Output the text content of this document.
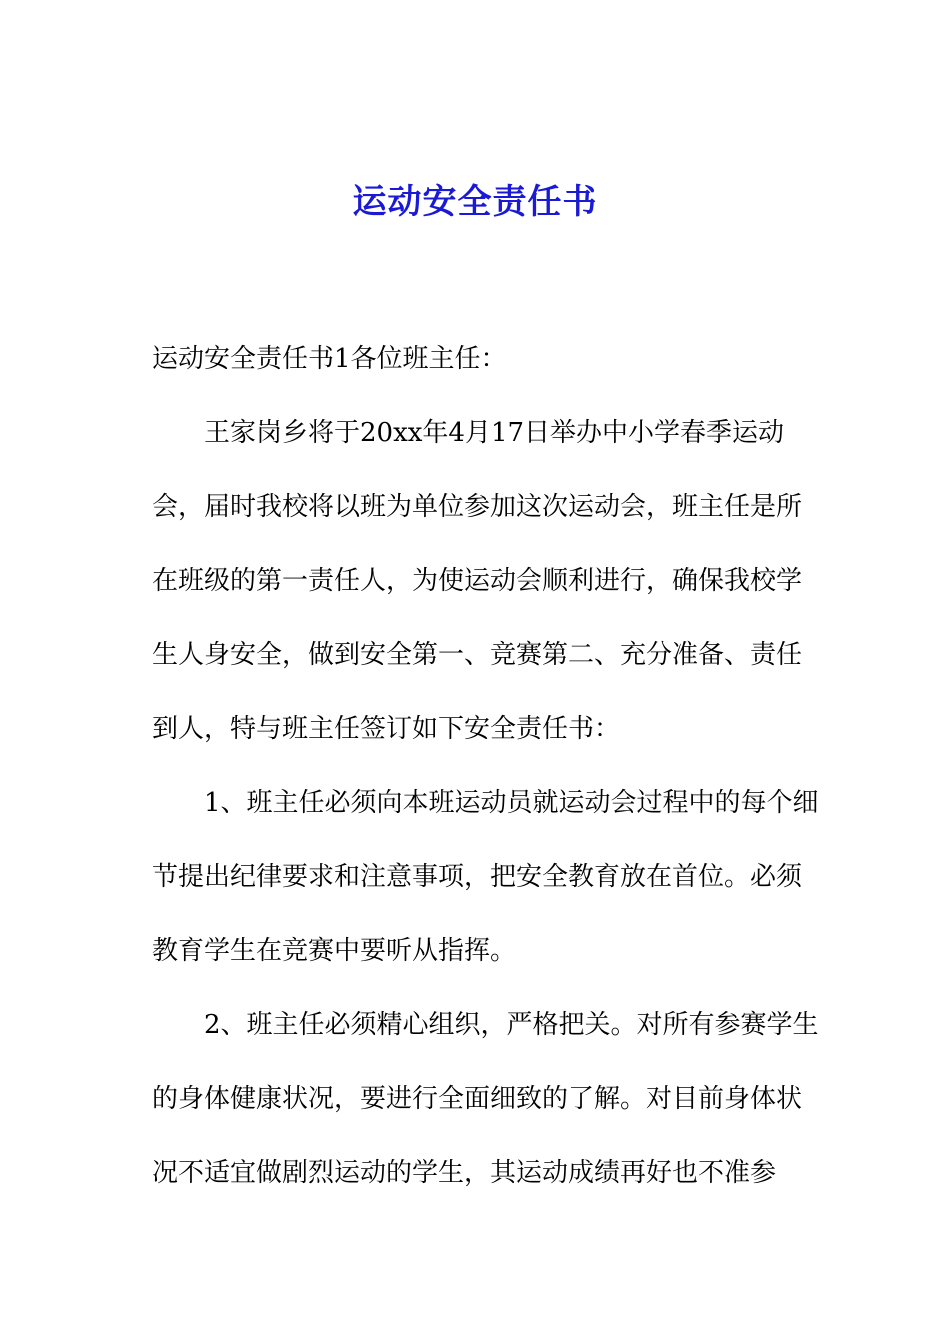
运动安全责任书
运动安全责任书1各位班主任：
王家岗乡将于20xx年4月17日举办中小学春季运动
会，届时我校将以班为单位参加这次运动会，班主任是所
在班级的第一责任人，为使运动会顺利进行，确保我校学
生人身安全，做到安全第一、竞赛第二、充分准备、责任
到人，特与班主任签订如下安全责任书：
1、班主任必须向本班运动员就运动会过程中的每个细
节提出纪律要求和注意事项，把安全教育放在首位。必须
教育学生在竞赛中要听从指挥。
2、班主任必须精心组织，严格把关。对所有参赛学生
的身体健康状况，要进行全面细致的了解。对目前身体状
况不适宜做剧烈运动的学生，其运动成绩再好也不准参
